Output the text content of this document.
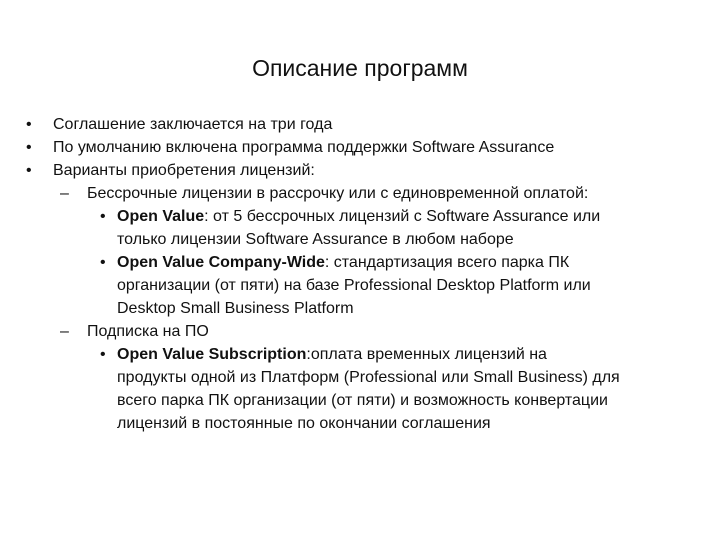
Описание программ
• Соглашение заключается на три года
• По умолчанию включена программа поддержки Software Assurance
• Варианты приобретения лицензий:
– Бессрочные лицензии в рассрочку или с единовременной оплатой:
• Open Value: от 5 бессрочных лицензий с Software Assurance или
только лицензии Software Assurance в любом наборе
• Open Value Company-Wide: стандартизация всего парка ПК
организации (от пяти) на базе Professional Desktop Platform или
Desktop Small Business Platform
– Подписка на ПО
• Open Value Subscription:оплата временных лицензий на
продукты одной из Платформ (Professional или Small Business) для
всего парка ПК организации (от пяти) и возможность конвертации
лицензий в постоянные по окончании соглашения
